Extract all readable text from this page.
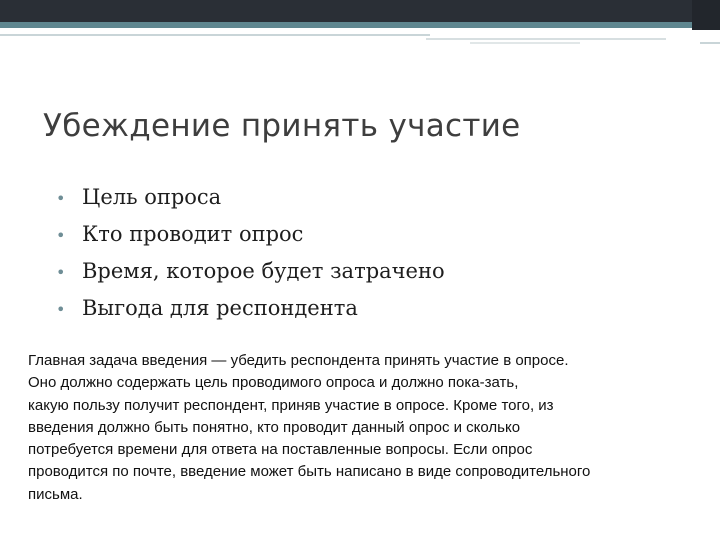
Убеждение принять участие
• Цель опроса
• Кто проводит опрос
• Время, которое будет затрачено
• Выгода для респондента

Главная задача введения — убедить респондента принять участие в опросе.
Оно должно содержать цель проводимого опроса и должно пока-зать,
какую пользу получит респондент, приняв участие в опросе. Кроме того, из
введения должно быть понятно, кто проводит данный опрос и сколько
потребуется времени для ответа на поставленные вопросы. Если опрос
проводится по почте, введение может быть написано в виде сопроводительного
письма.
